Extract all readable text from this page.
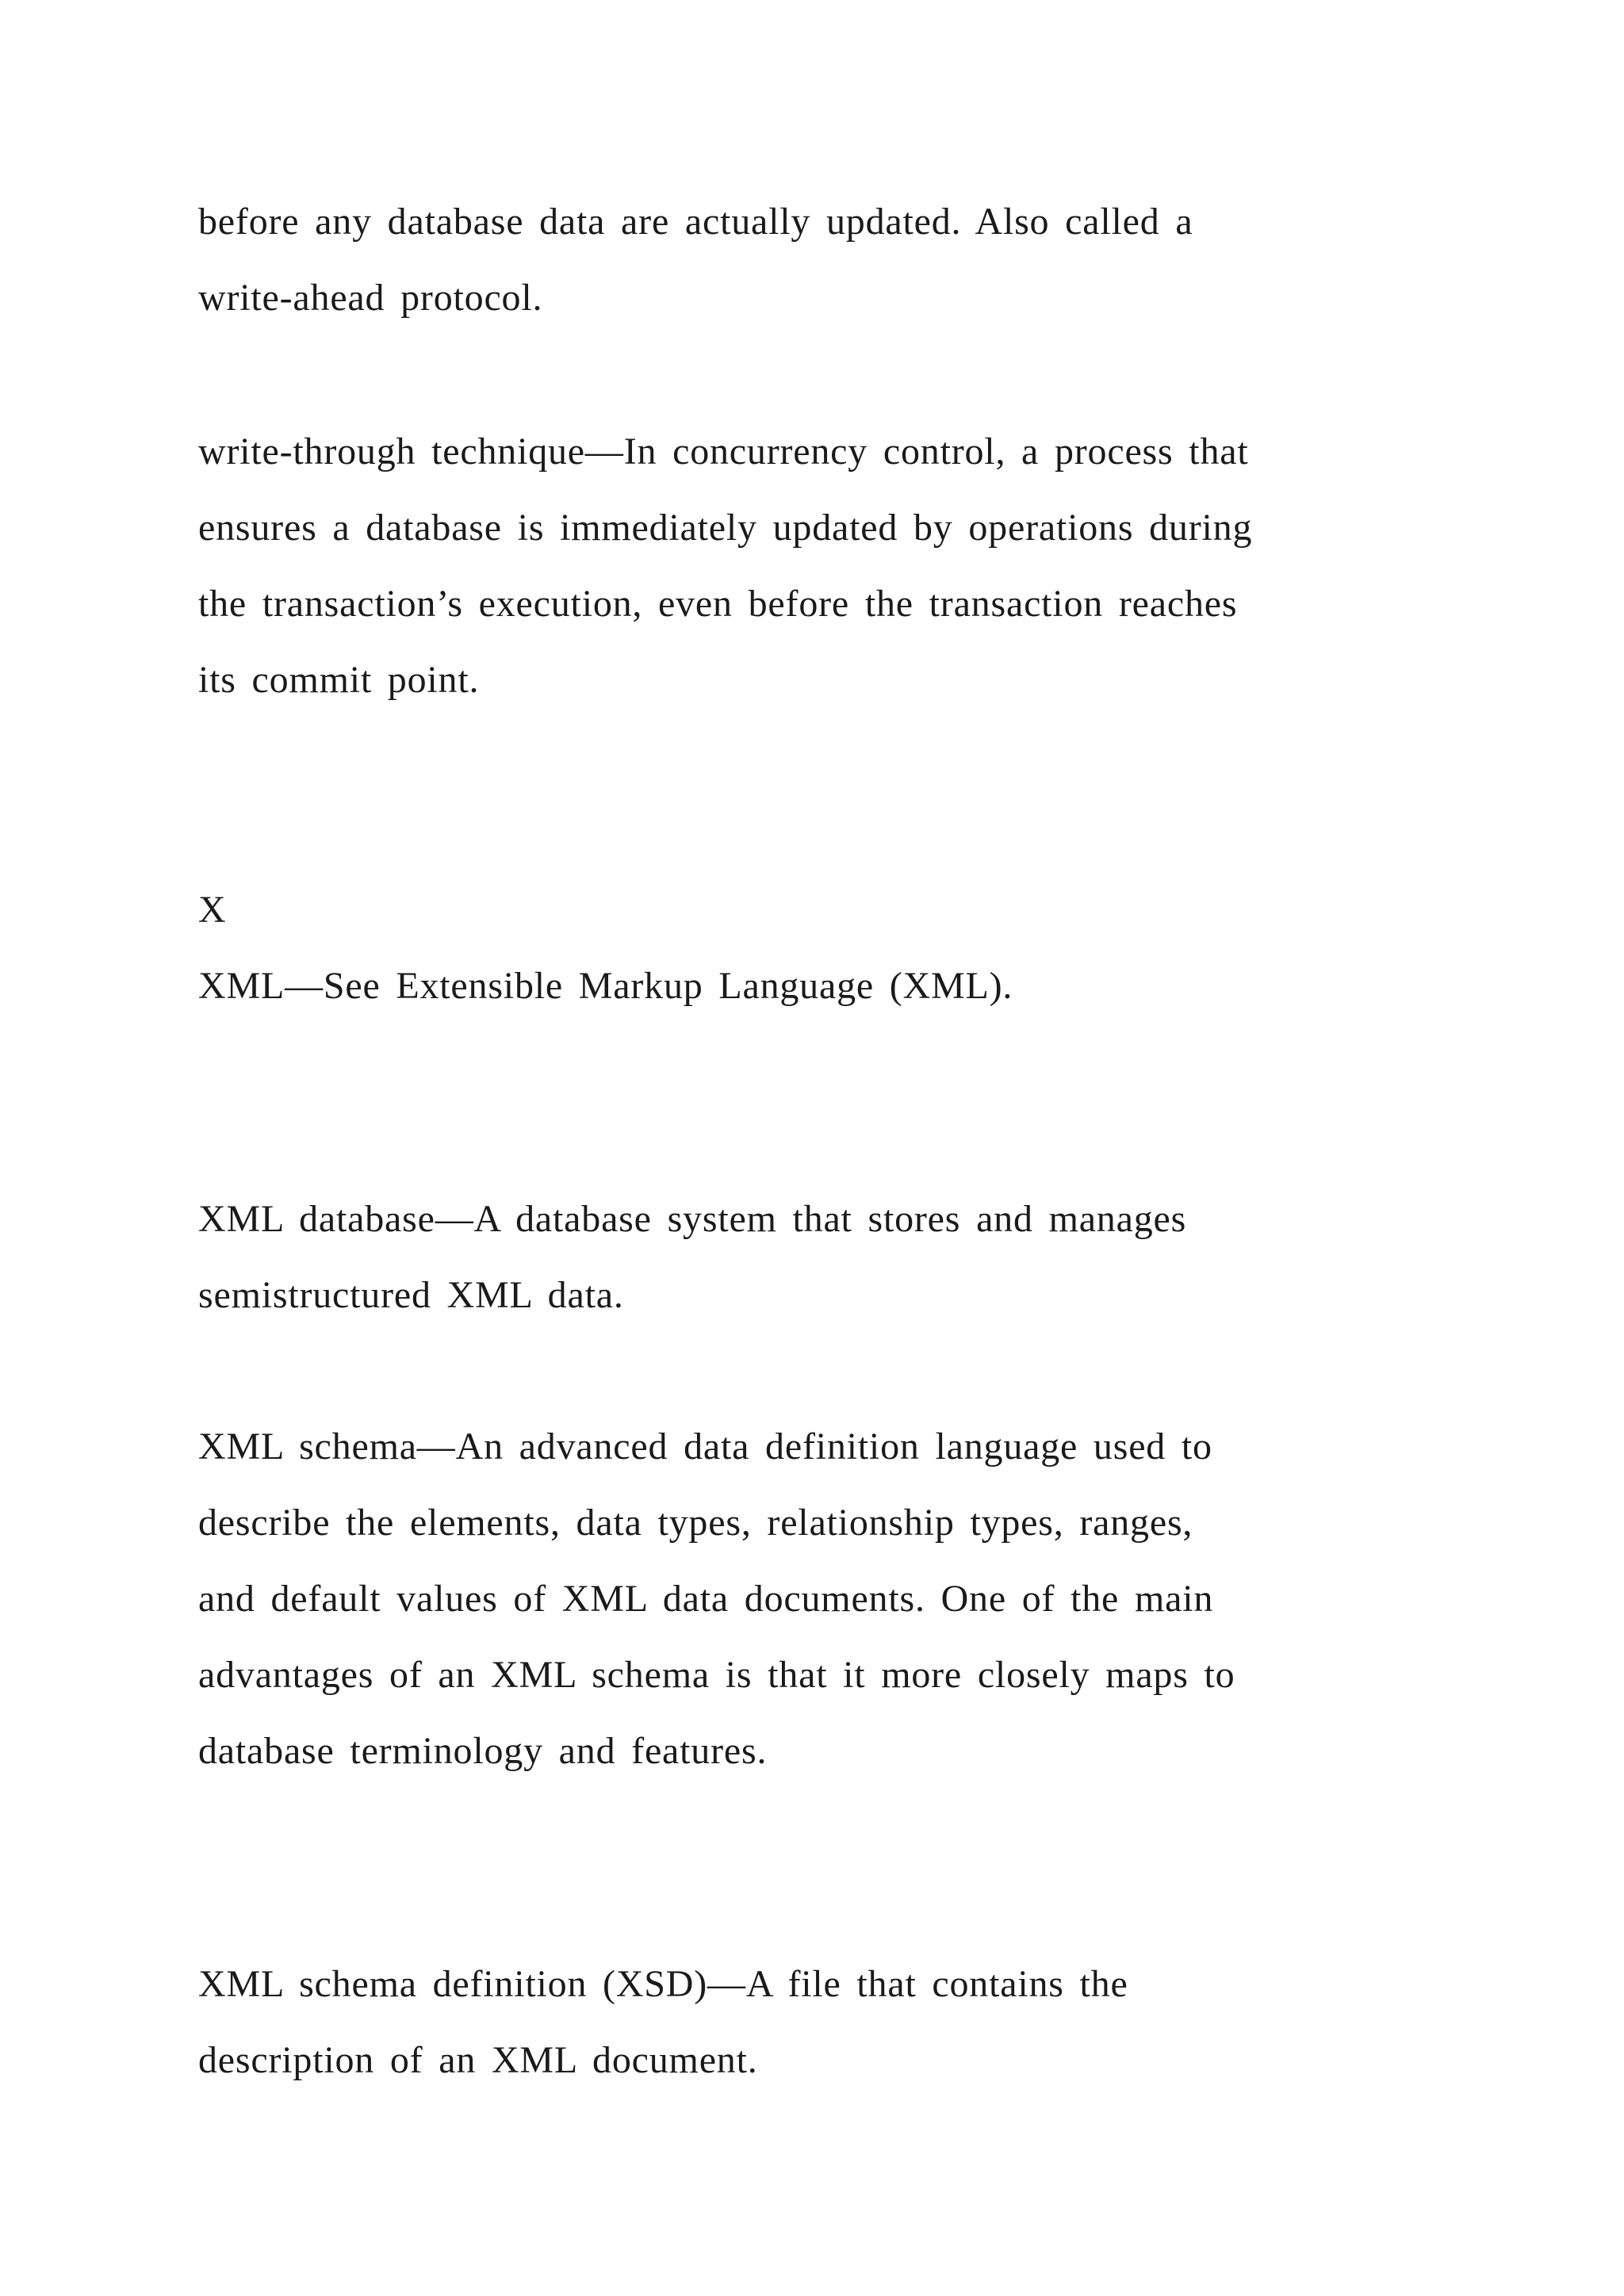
before any database data are actually updated. Also called a
write-ahead protocol.

write-through technique—In concurrency control, a process that
ensures a database is immediately updated by operations during
the transaction’s execution, even before the transaction reaches
its commit point.

X
XML—See Extensible Markup Language (XML).

XML database—A database system that stores and manages
semistructured XML data.

XML schema—An advanced data definition language used to
describe the elements, data types, relationship types, ranges,
and default values of XML data documents. One of the main
advantages of an XML schema is that it more closely maps to
database terminology and features.

XML schema definition (XSD)—A file that contains the
description of an XML document.
